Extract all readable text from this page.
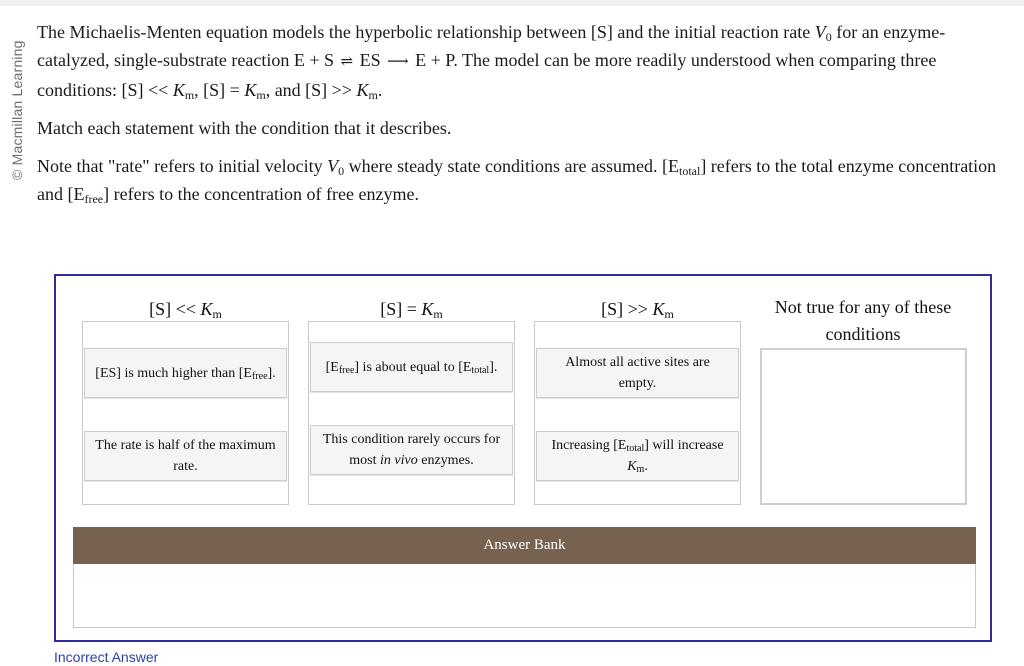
© Macmillan Learning

The Michaelis-Menten equation models the hyperbolic relationship between [S] and the initial reaction rate $V_0$ for an enzyme-catalyzed, single-substrate reaction E + S ⇌ ES ⟶ E + P. The model can be more readily understood when comparing three conditions: $[S] << K_m$, $[S] = K_m$, and $[S] >> K_m$.

Match each statement with the condition that it describes.

Note that "rate" refers to initial velocity $V_0$ where steady state conditions are assumed. $[E_{total}]$ refers to the total enzyme concentration and $[E_{free}]$ refers to the concentration of free enzyme.

$[S] << K_m$	$[S] = K_m$	$[S] >> K_m$	Not true for any of these conditions
[ES] is much higher than $[E_{free}]$.
The rate is half of the maximum rate.
$[E_{free}]$ is about equal to $[E_{total}]$.
This condition rarely occurs for most in vivo enzymes.
Almost all active sites are empty.
Increasing $[E_{total}]$ will increase $K_m$.
Answer Bank
Incorrect Answer
